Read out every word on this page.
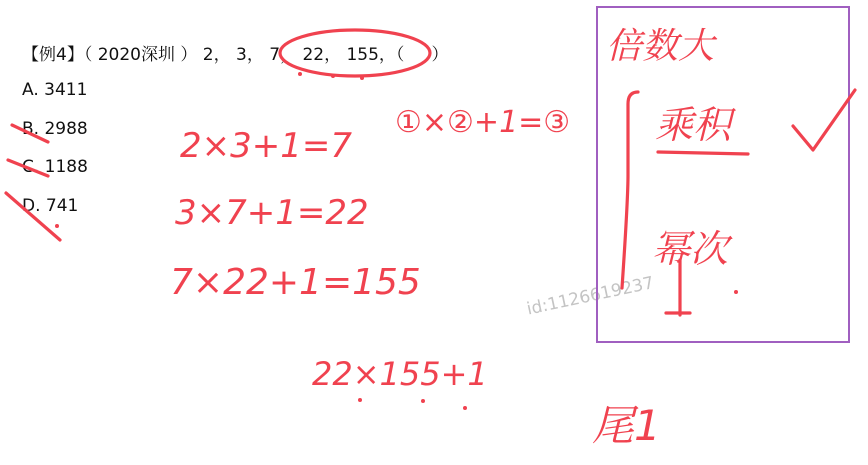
【例4】（ 2020深圳 ） 2， 3， 7， 22， 155，（     ）
A. 3411
B. 2988
C. 1188
D. 741
id:1126619237
2×3+1=7
3×7+1=22
7×22+1=155
①×②+1=③
22×155+1
尾1
倍数大
乘积
幂次
